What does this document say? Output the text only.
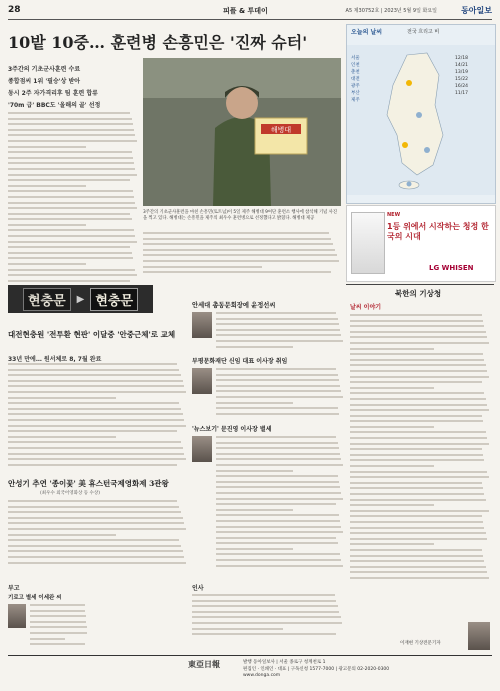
28	피플 & 투데이	A5 제30752호 | 2023년 5월 9일 화요일	동아일보
10밭 10중… 훈련병 손흥민은 '진짜 슈터'
3주간의 기초군사훈련 수료
종합점씨 1위 '필승'상 받아
동시 2주 자가격리후 팀 훈련 합류
'70m 급' BBC도 '올해의 골' 선정
해병대
3주간의 기초군사훈련을 마친 손흥민(토트넘)이 5일 제주 해병대 9여단 훈련소 행사에 참석해 기념 사진을 찍고 있다. 해병대는 손흥민을 제주의 최우수 훈련병으로 선정했다고 밝혔다. 해병대 제공
오늘의 날씨	전국 흐리고 비
서울
인천
춘천
대전
광주
부산
제주
12/18
14/21
13/19
15/22
16/24
11/17
NEW
1등 위에서 시작하는 청정 한국의 시대
LG WHISEN
현충문	▶ 현충문
대전현충원 '전투환 현판' 이달중 '안중근체'로 교체
33년 만에… 원서체로 8, 7월 완료
안성기 추연 '종이꽃' 美 휴스턴국제영화제 3관왕
(최우수 외국어영화상 등 수상)
부고
기로고 별세 이세완 씨
안세대 총동문회장에 윤정선씨
부평문화재단 신임 대표 이사장 취임
'뉴스보기' 문진영 이사장 별세
인사
북한의 기상청
날씨 이야기
이재현 기상전문기자
東亞日報	발행 동아일보사 | 서울 종로구 청계천로 1
편집인 · 인쇄인 · 대표 | 구독신청 1577-7000 | 광고문의 02-2020-0300
www.donga.com
